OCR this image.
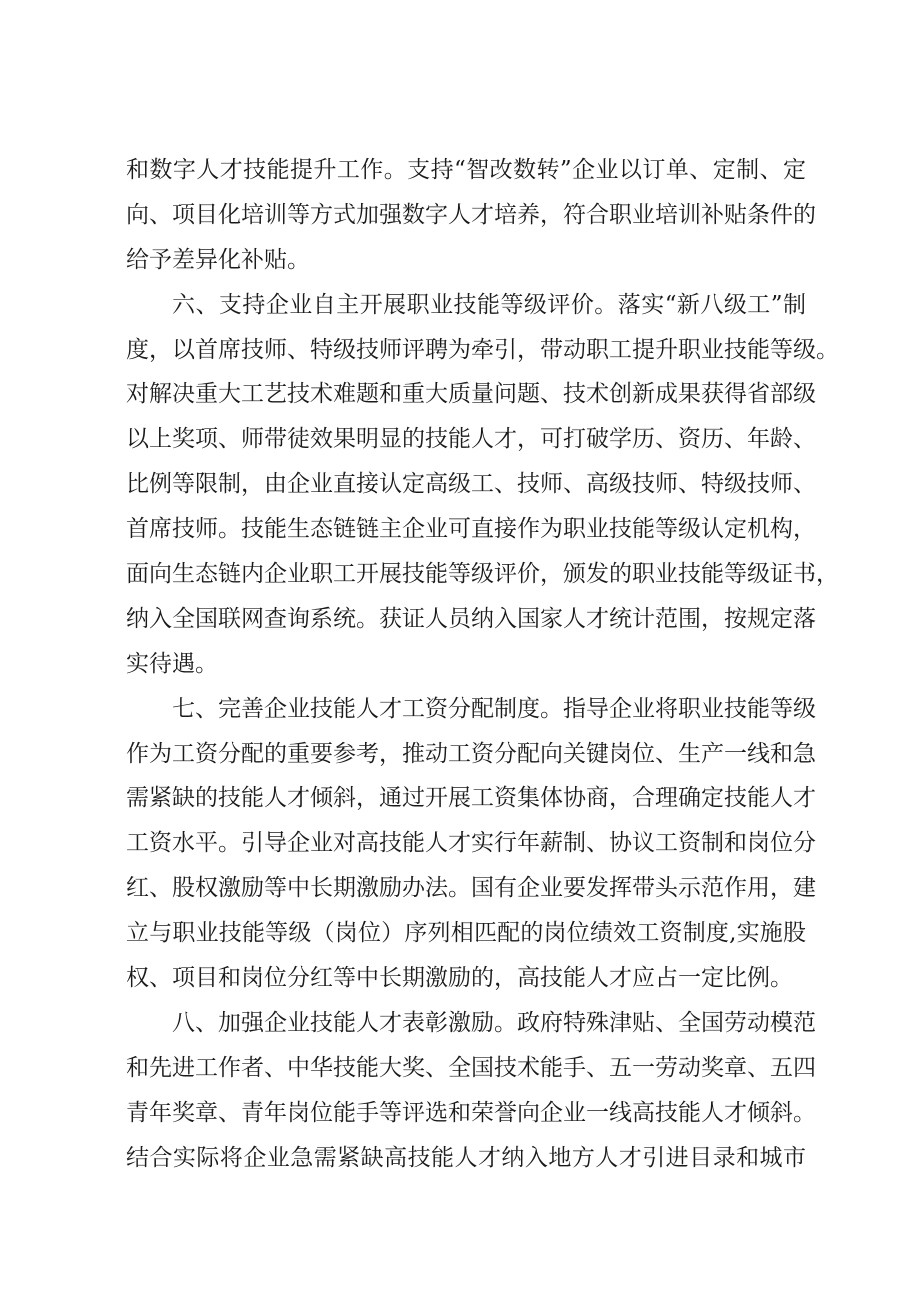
和数字人才技能提升工作。支持“智改数转”企业以订单、定制、定
向、项目化培训等方式加强数字人才培养，符合职业培训补贴条件的
给予差异化补贴。
六、支持企业自主开展职业技能等级评价。落实“新八级工”制
度，以首席技师、特级技师评聘为牵引，带动职工提升职业技能等级。
对解决重大工艺技术难题和重大质量问题、技术创新成果获得省部级
以上奖项、师带徒效果明显的技能人才，可打破学历、资历、年龄、
比例等限制，由企业直接认定高级工、技师、高级技师、特级技师、
首席技师。技能生态链链主企业可直接作为职业技能等级认定机构，
面向生态链内企业职工开展技能等级评价，颁发的职业技能等级证书，
纳入全国联网查询系统。获证人员纳入国家人才统计范围，按规定落
实待遇。
七、完善企业技能人才工资分配制度。指导企业将职业技能等级
作为工资分配的重要参考，推动工资分配向关键岗位、生产一线和急
需紧缺的技能人才倾斜，通过开展工资集体协商，合理确定技能人才
工资水平。引导企业对高技能人才实行年薪制、协议工资制和岗位分
红、股权激励等中长期激励办法。国有企业要发挥带头示范作用，建
立与职业技能等级（岗位）序列相匹配的岗位绩效工资制度,实施股
权、项目和岗位分红等中长期激励的，高技能人才应占一定比例。
八、加强企业技能人才表彰激励。政府特殊津贴、全国劳动模范
和先进工作者、中华技能大奖、全国技术能手、五一劳动奖章、五四
青年奖章、青年岗位能手等评选和荣誉向企业一线高技能人才倾斜。
结合实际将企业急需紧缺高技能人才纳入地方人才引进目录和城市
